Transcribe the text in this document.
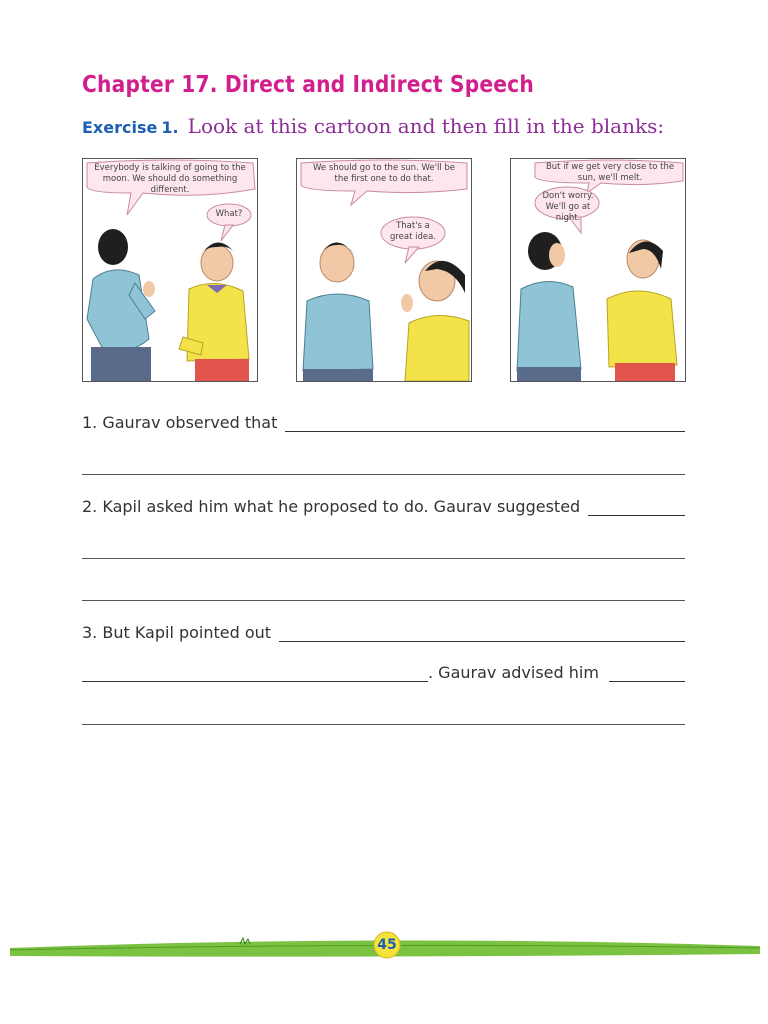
Chapter 17. Direct and Indirect Speech
Exercise 1. Look at this cartoon and then fill in the blanks:
Everybody is talking of going to the moon. We should do something different.
What?
We should go to the sun. We'll be the first one to do that.
That's a great idea.
But if we get very close to the sun, we'll melt.
Don't worry. We'll go at night.
1. Gaurav observed that
2. Kapil asked him what he proposed to do. Gaurav suggested
3. But Kapil pointed out
. Gaurav advised him
45
